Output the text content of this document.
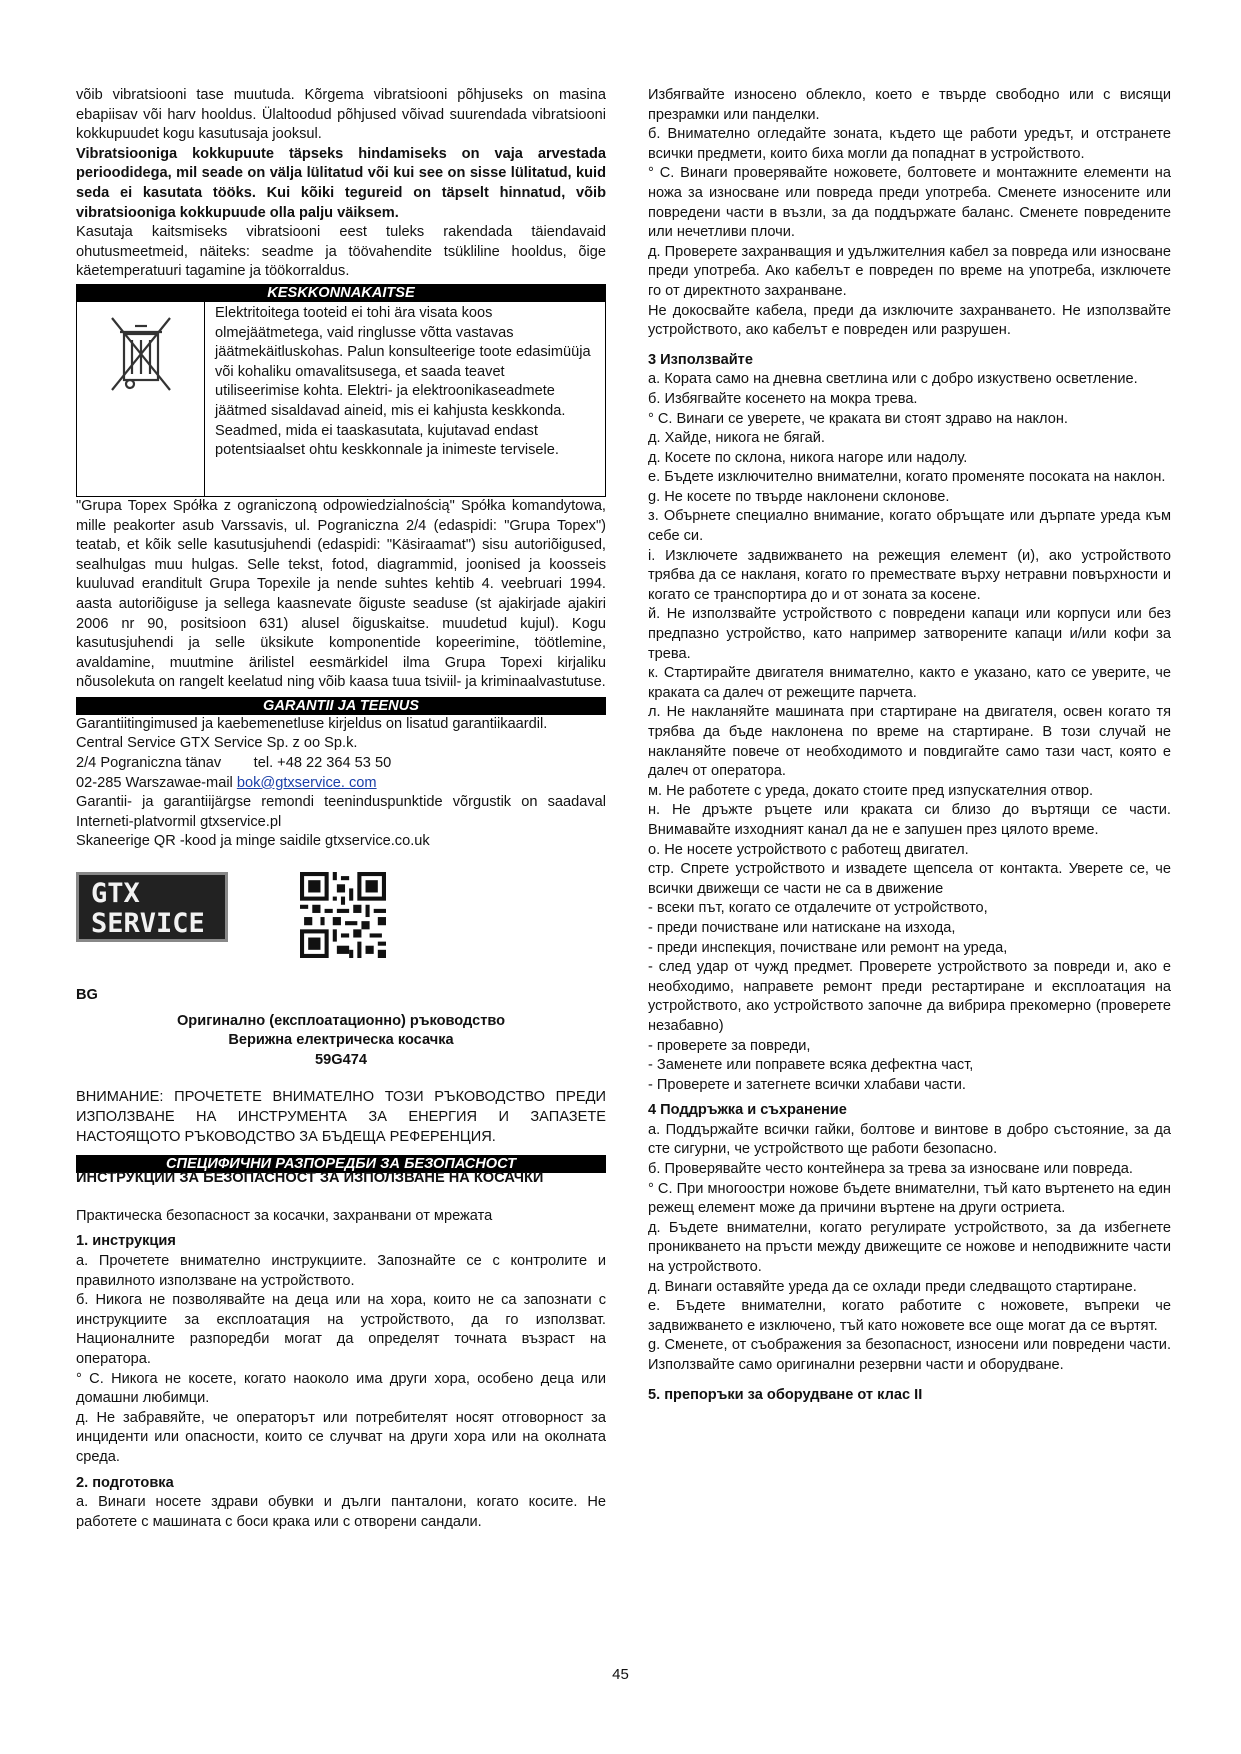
võib vibratsiooni tase muutuda. Kõrgema vibratsiooni põhjuseks on masina ebapiisav või harv hooldus. Ülaltoodud põhjused võivad suurendada vibratsiooni kokkupuudet kogu kasutusaja jooksul.

Vibratsiooniga kokkupuute täpseks hindamiseks on vaja arvestada perioodidega, mil seade on välja lülitatud või kui see on sisse lülitatud, kuid seda ei kasutata tööks. Kui kõiki tegureid on täpselt hinnatud, võib vibratsiooniga kokkupuude olla palju väiksem.

Kasutaja kaitsmiseks vibratsiooni eest tuleks rakendada täiendavaid ohutusmeetmeid, näiteks: seadme ja töövahendite tsükliline hooldus, õige käetemperatuuri tagamine ja töökorraldus.

KESKKONNAKAITSE
Elektritoitega tooteid ei tohi ära visata koos olmejäätmetega, vaid ringlusse võtta vastavas jäätmekäitluskohas. Palun konsulteerige toote edasimüüja või kohaliku omavalitsusega, et saada teavet utiliseerimise kohta. Elektri- ja elektroonikaseadmete jäätmed sisaldavad aineid, mis ei kahjusta keskkonda. Seadmed, mida ei taaskasutata, kujutavad endast potentsiaalset ohtu keskkonnale ja inimeste tervisele.

"Grupa Topex Spółka z ograniczoną odpowiedzialnością" Spółka komandytowa, mille peakorter asub Varssavis, ul. Pograniczna 2/4 (edaspidi: "Grupa Topex") teatab, et kõik selle kasutusjuhendi (edaspidi: "Käsiraamat") sisu autoriõigused, sealhulgas muu hulgas. Selle tekst, fotod, diagrammid, joonised ja koosseis kuuluvad eranditult Grupa Topexile ja nende suhtes kehtib 4. veebruari 1994. aasta autoriõiguse ja sellega kaasnevate õiguste seaduse (st ajakirjade ajakiri 2006 nr 90, positsioon 631) alusel õiguskaitse. muudetud kujul). Kogu kasutusjuhendi ja selle üksikute komponentide kopeerimine, töötlemine, avaldamine, muutmine ärilistel eesmärkidel ilma Grupa Topexi kirjaliku nõusolekuta on rangelt keelatud ning võib kaasa tuua tsiviil- ja kriminaalvastutuse.

GARANTII JA TEENUS

Garantiitingimused ja kaebemenetluse kirjeldus on lisatud garantiikaardil.

Central Service GTX Service Sp. z oo Sp.k.

2/4 Pograniczna tänav        tel. +48 22 364 53 50

02-285 Warszawae-mail bok@gtxservice. com

Garantii- ja garantiijärgse remondi teeninduspunktide võrgustik on saadaval Interneti-platvormil gtxservice.pl

Skaneerige QR -kood ja minge saidile gtxservice.co.uk

GTX
SERVICE

BG

Оригинално (експлоатационно) ръководство

Верижна електрическа косачка

59G474

ВНИМАНИЕ: ПРОЧЕТЕТЕ ВНИМАТЕЛНО ТОЗИ РЪКОВОДСТВО ПРЕДИ ИЗПОЛЗВАНЕ НА ИНСТРУМЕНТА ЗА ЕНЕРГИЯ И ЗАПАЗЕТЕ НАСТОЯЩОТО РЪКОВОДСТВО ЗА БЪДЕЩА РЕФЕРЕНЦИЯ.

СПЕЦИФИЧНИ РАЗПОРЕДБИ ЗА БЕЗОПАСНОСТ

ИНСТРУКЦИИ ЗА БЕЗОПАСНОСТ ЗА ИЗПОЛЗВАНЕ НА КОСАЧКИ

Практическа безопасност за косачки, захранвани от мрежата

1. инструкция

а. Прочетете внимателно инструкциите. Запознайте се с контролите и правилното използване на устройството.

б. Никога не позволявайте на деца или на хора, които не са запознати с инструкциите за експлоатация на устройството, да го използват. Националните разпоредби могат да определят точната възраст на оператора.

° С. Никога не косете, когато наоколо има други хора, особено деца или домашни любимци.

д. Не забравяйте, че операторът или потребителят носят отговорност за инциденти или опасности, които се случват на други хора или на околната среда.

2. подготовка

а. Винаги носете здрави обувки и дълги панталони, когато косите. Не работете с машината с боси крака или с отворени сандали.

Избягвайте износено облекло, което е твърде свободно или с висящи презрамки или панделки.

б. Внимателно огледайте зоната, където ще работи уредът, и отстранете всички предмети, които биха могли да попаднат в устройството.

° С. Винаги проверявайте ножовете, болтовете и монтажните елементи на ножа за износване или повреда преди употреба. Сменете износените или повредени части в възли, за да поддържате баланс. Сменете повредените или нечетливи плочи.

д. Проверете захранващия и удължителния кабел за повреда или износване преди употреба. Ако кабелът е повреден по време на употреба, изключете го от директното захранване.

Не докосвайте кабела, преди да изключите захранването. Не използвайте устройството, ако кабелът е повреден или разрушен.

3 Използвайте

а. Кората само на дневна светлина или с добро изкуствено осветление.

б. Избягвайте косенето на мокра трева.

° С. Винаги се уверете, че краката ви стоят здраво на наклон.

д. Хайде, никога не бягай.

д. Косете по склона, никога нагоре или надолу.

е. Бъдете изключително внимателни, когато променяте посоката на наклон.

g. Не косете по твърде наклонени склонове.

з. Обърнете специално внимание, когато обръщате или дърпате уреда към себе си.

i. Изключете задвижването на режещия елемент (и), ако устройството трябва да се накланя, когато го премествате върху нетравни повърхности и когато се транспортира до и от зоната за косене.

й. Не използвайте устройството с повредени капаци или корпуси или без предпазно устройство, като например затворените капаци и/или кофи за трева.

к. Стартирайте двигателя внимателно, както е указано, като се уверите, че краката са далеч от режещите парчета.

л. Не накланяйте машината при стартиране на двигателя, освен когато тя трябва да бъде наклонена по време на стартиране. В този случай не накланяйте повече от необходимото и повдигайте само тази част, която е далеч от оператора.

м. Не работете с уреда, докато стоите пред изпускателния отвор.

н. Не дръжте ръцете или краката си близо до въртящи се части. Внимавайте изходният канал да не е запушен през цялото време.

о. Не носете устройството с работещ двигател.

стр. Спрете устройството и извадете щепсела от контакта. Уверете се, че всички движещи се части не са в движение

- всеки път, когато се отдалечите от устройството,

- преди почистване или натискане на изхода,

- преди инспекция, почистване или ремонт на уреда,

- след удар от чужд предмет. Проверете устройството за повреди и, ако е необходимо, направете ремонт преди рестартиране и експлоатация на устройството, ако устройството започне да вибрира прекомерно (проверете незабавно)

- проверете за повреди,

- Заменете или поправете всяка дефектна част,

- Проверете и затегнете всички хлабави части.

4 Поддръжка и съхранение

а. Поддържайте всички гайки, болтове и винтове в добро състояние, за да сте сигурни, че устройството ще работи безопасно.

б. Проверявайте често контейнера за трева за износване или повреда.

° С. При многоостри ножове бъдете внимателни, тъй като въртенето на един режещ елемент може да причини въртене на други остриета.

д. Бъдете внимателни, когато регулирате устройството, за да избегнете проникването на пръсти между движещите се ножове и неподвижните части на устройството.

д. Винаги оставяйте уреда да се охлади преди следващото стартиране.

е. Бъдете внимателни, когато работите с ножовете, въпреки че задвижването е изключено, тъй като ножовете все още могат да се въртят.

g. Сменете, от съображения за безопасност, износени или повредени части. Използвайте само оригинални резервни части и оборудване.

5. препоръки за оборудване от клас II

45
